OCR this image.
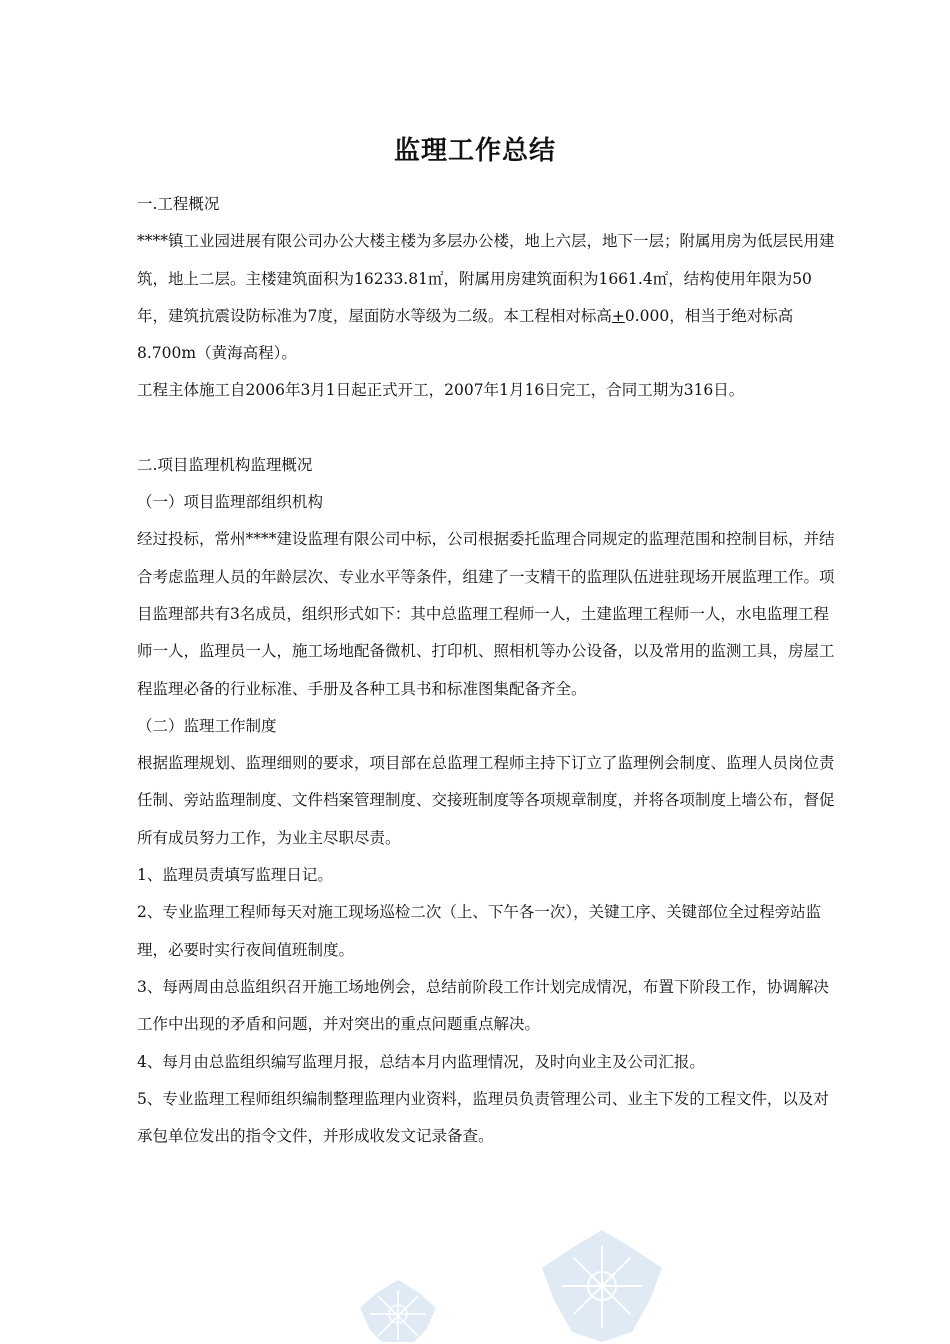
监理工作总结

一.工程概况

****镇工业园进展有限公司办公大楼主楼为多层办公楼，地上六层，地下一层；附属用房为低层民用建筑，地上二层。主楼建筑面积为16233.81㎡，附属用房建筑面积为1661.4㎡，结构使用年限为50年，建筑抗震设防标准为7度，屋面防水等级为二级。本工程相对标高+0.000，相当于绝对标高8.700m（黄海高程）。

工程主体施工自2006年3月1日起正式开工，2007年1月16日完工，合同工期为316日。

二.项目监理机构监理概况

（一）项目监理部组织机构

经过投标，常州****建设监理有限公司中标，公司根据委托监理合同规定的监理范围和控制目标，并结合考虑监理人员的年龄层次、专业水平等条件，组建了一支精干的监理队伍进驻现场开展监理工作。项目监理部共有3名成员，组织形式如下：其中总监理工程师一人，土建监理工程师一人，水电监理工程师一人，监理员一人，施工场地配备微机、打印机、照相机等办公设备，以及常用的监测工具，房屋工程监理必备的行业标准、手册及各种工具书和标准图集配备齐全。

（二）监理工作制度

根据监理规划、监理细则的要求，项目部在总监理工程师主持下订立了监理例会制度、监理人员岗位责任制、旁站监理制度、文件档案管理制度、交接班制度等各项规章制度，并将各项制度上墙公布，督促所有成员努力工作，为业主尽职尽责。

1、监理员责填写监理日记。

2、专业监理工程师每天对施工现场巡检二次（上、下午各一次），关键工序、关键部位全过程旁站监理，必要时实行夜间值班制度。

3、每两周由总监组织召开施工场地例会，总结前阶段工作计划完成情况，布置下阶段工作，协调解决工作中出现的矛盾和问题，并对突出的重点问题重点解决。

4、每月由总监组织编写监理月报，总结本月内监理情况，及时向业主及公司汇报。

5、专业监理工程师组织编制整理监理内业资料，监理员负责管理公司、业主下发的工程文件，以及对承包单位发出的指令文件，并形成收发文记录备查。
